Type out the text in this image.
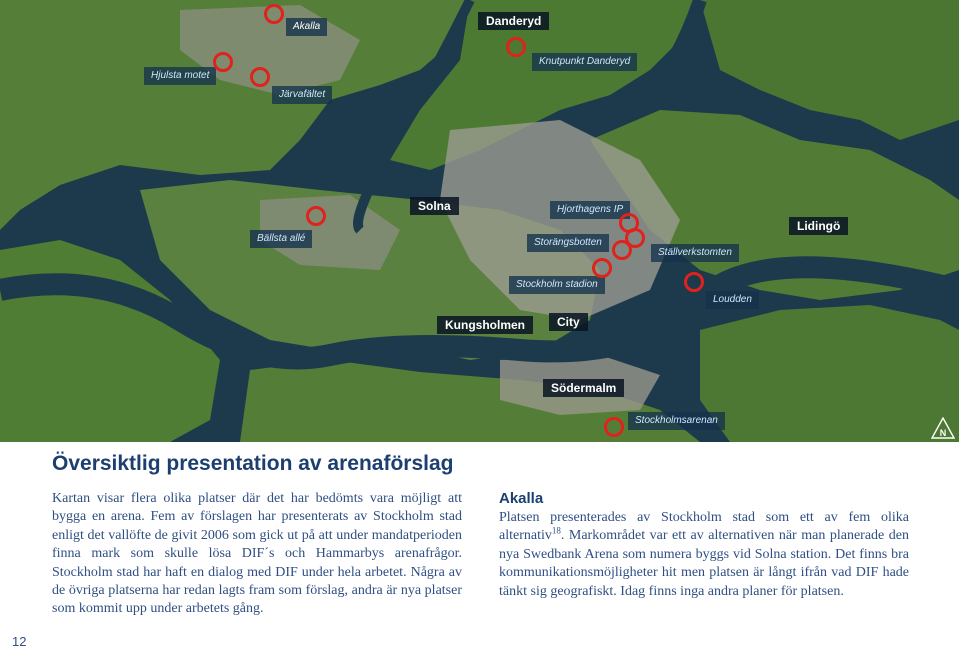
Akalla	Danderyd
Knutpunkt Danderyd
Hjulsta motet
Järvafältet
Solna	Hjorthagens IP
Lidingö
Bällsta allé	Storängsbotten
Ställverkstomten
Stockholm stadion
Loudden
Kungsholmen	City
Södermalm
Stockholmsarenan
N
Översiktlig presentation av arenaförslag

Kartan visar flera olika platser där det har bedömts vara möjligt att bygga en arena. Fem av förslagen har presenterats av Stockholm stad enligt det vallöfte de givit 2006 som gick ut på att under mandatperioden finna mark som skulle lösa DIF´s och Hammarbys arenafrågor. Stockholm stad har haft en dialog med DIF under hela arbetet. Några av de övriga platserna har redan lagts fram som förslag, andra är nya platser som kommit upp under arbetets gång.

Akalla

Platsen presenterades av Stockholm stad som ett av fem olika alternativ$^{18}$. Markområdet var ett av alternativen när man planerade den nya Swedbank Arena som numera byggs vid Solna station. Det finns bra kommunikationsmöjligheter hit men platsen är långt ifrån vad DIF hade tänkt sig geografiskt. Idag finns inga andra planer för platsen.

12
